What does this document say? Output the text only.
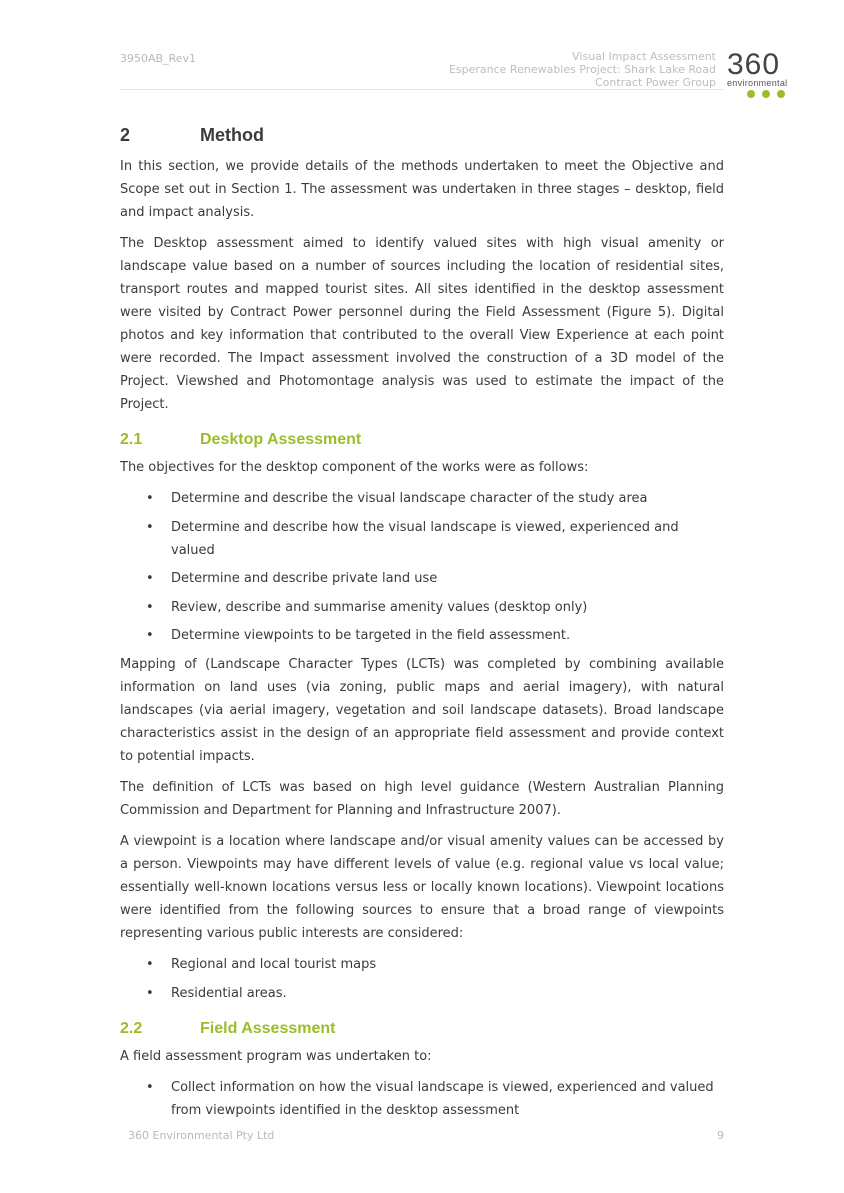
3950AB_Rev1	Visual Impact Assessment
Esperance Renewables Project: Shark Lake Road
Contract Power Group
360
environmental
2	Method

In this section, we provide details of the methods undertaken to meet the Objective and Scope set out in Section 1. The assessment was undertaken in three stages – desktop, field and impact analysis.

The Desktop assessment aimed to identify valued sites with high visual amenity or landscape value based on a number of sources including the location of residential sites, transport routes and mapped tourist sites. All sites identified in the desktop assessment were visited by Contract Power personnel during the Field Assessment (Figure 5). Digital photos and key information that contributed to the overall View Experience at each point were recorded. The Impact assessment involved the construction of a 3D model of the Project. Viewshed and Photomontage analysis was used to estimate the impact of the Project.

2.1	Desktop Assessment

The objectives for the desktop component of the works were as follows:

• Determine and describe the visual landscape character of the study area
• Determine and describe how the visual landscape is viewed, experienced and valued
• Determine and describe private land use
• Review, describe and summarise amenity values (desktop only)
• Determine viewpoints to be targeted in the field assessment.

Mapping of (Landscape Character Types (LCTs) was completed by combining available information on land uses (via zoning, public maps and aerial imagery), with natural landscapes (via aerial imagery, vegetation and soil landscape datasets). Broad landscape characteristics assist in the design of an appropriate field assessment and provide context to potential impacts.

The definition of LCTs was based on high level guidance (Western Australian Planning Commission and Department for Planning and Infrastructure 2007).

A viewpoint is a location where landscape and/or visual amenity values can be accessed by a person. Viewpoints may have different levels of value (e.g. regional value vs local value; essentially well-known locations versus less or locally known locations). Viewpoint locations were identified from the following sources to ensure that a broad range of viewpoints representing various public interests are considered:

• Regional and local tourist maps
• Residential areas.
2.2	Field Assessment

A field assessment program was undertaken to:

• Collect information on how the visual landscape is viewed, experienced and valued from viewpoints identified in the desktop assessment
360 Environmental Pty Ltd	9
